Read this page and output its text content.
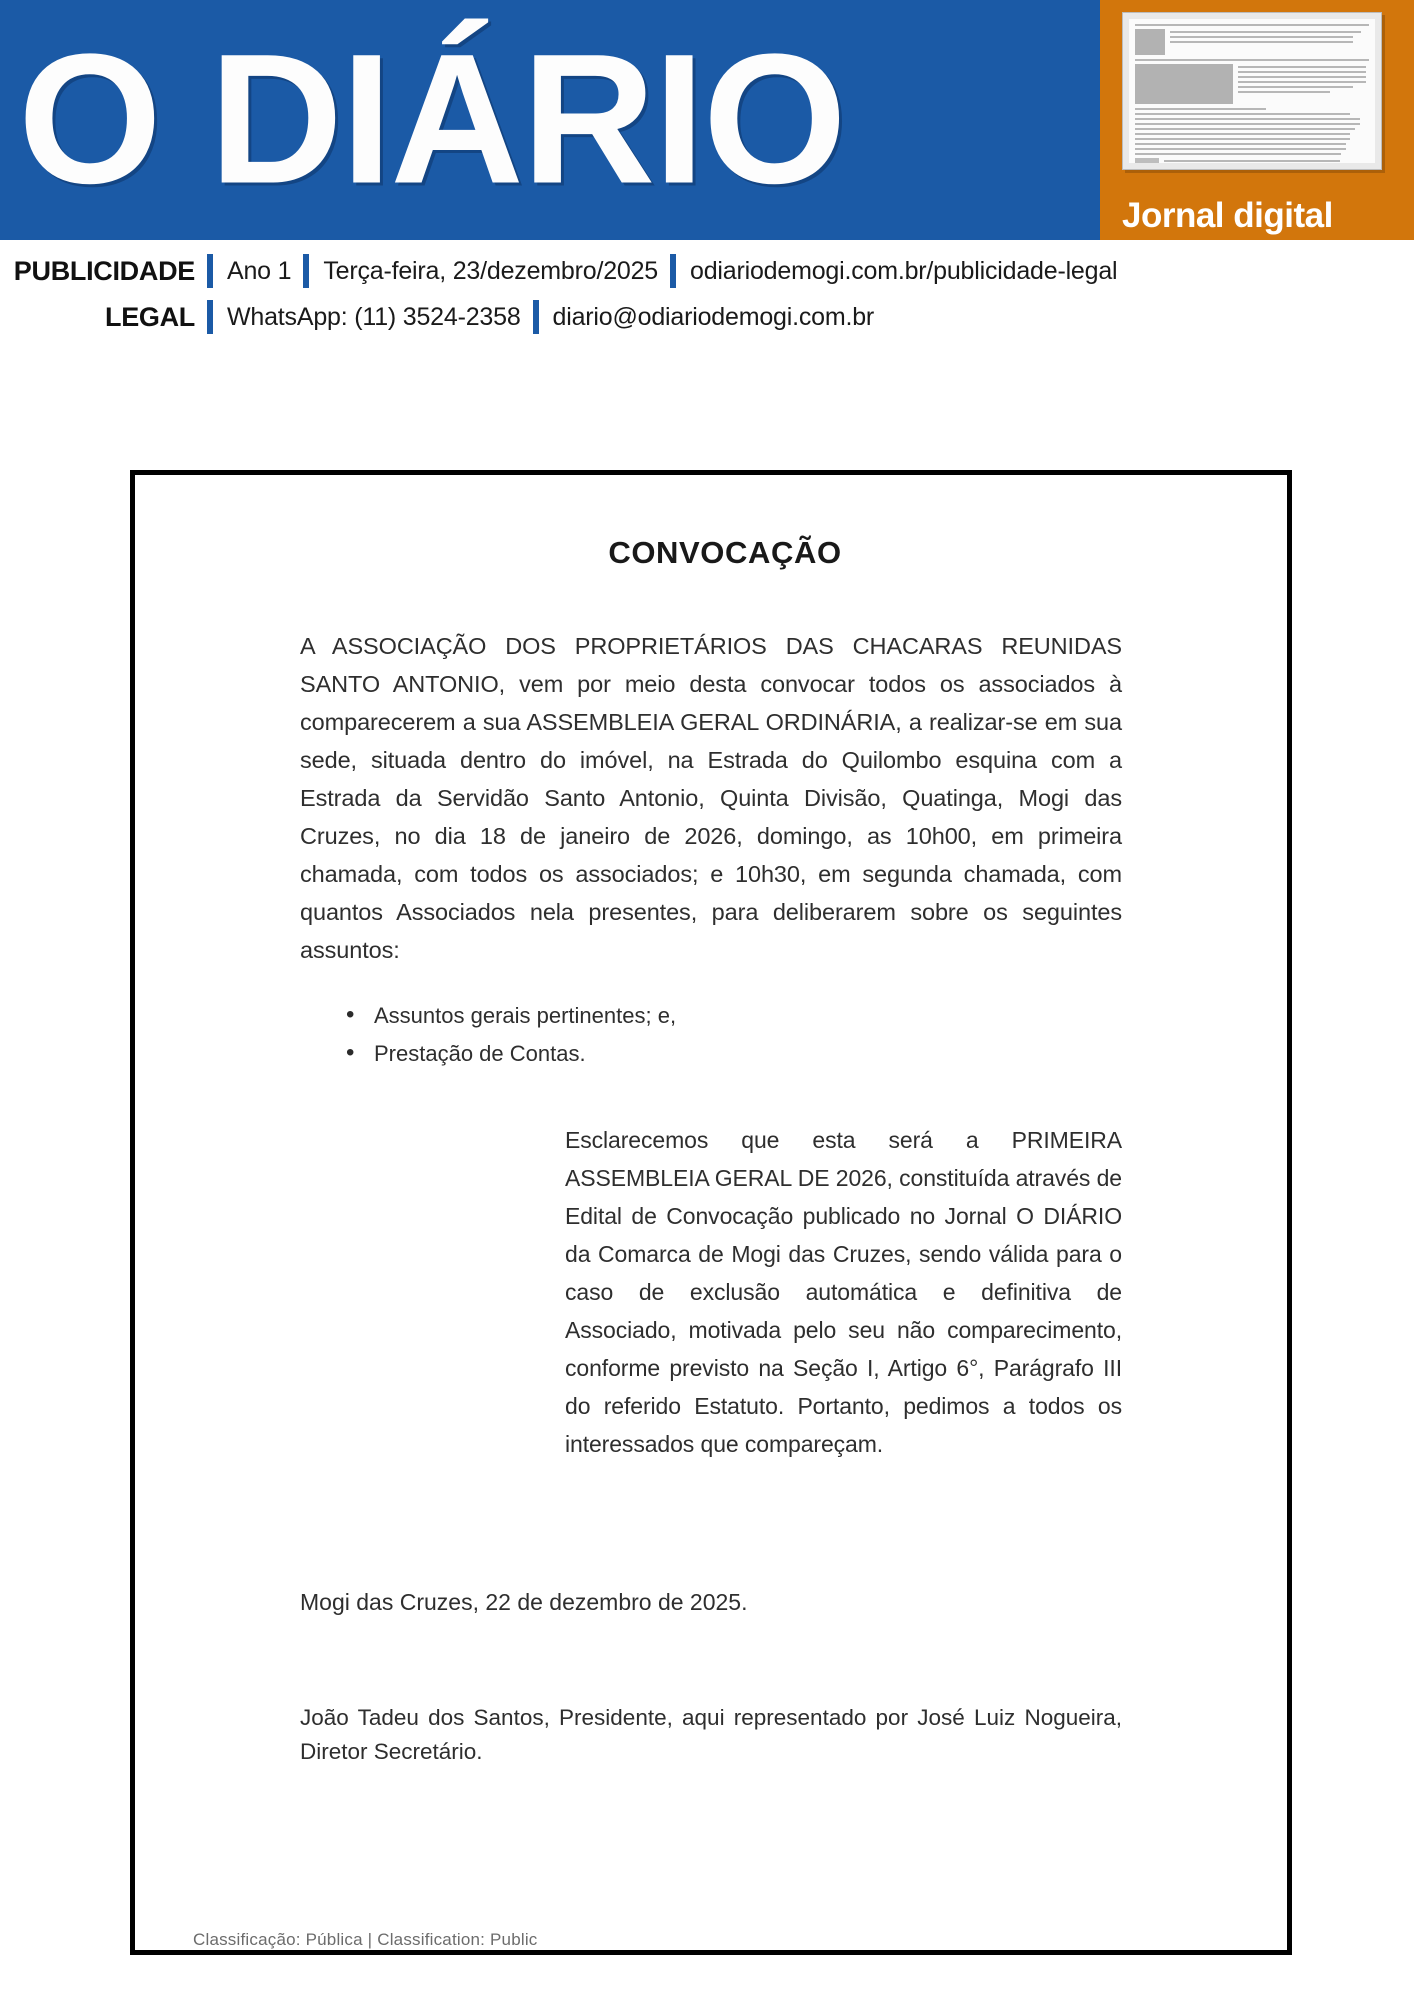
O DIÁRIO	Jornal digital
PUBLICIDADE
LEGAL
Ano 1 Terça-feira, 23/dezembro/2025 odiariodemogi.com.br/publicidade-legal
WhatsApp: (11) 3524-2358 diario@odiariodemogi.com.br
CONVOCAÇÃO

A ASSOCIAÇÃO DOS PROPRIETÁRIOS DAS CHACARAS REUNIDAS SANTO ANTONIO, vem por meio desta convocar todos os associados à comparecerem a sua ASSEMBLEIA GERAL ORDINÁRIA, a realizar-se em sua sede, situada dentro do imóvel, na Estrada do Quilombo esquina com a Estrada da Servidão Santo Antonio, Quinta Divisão, Quatinga, Mogi das Cruzes, no dia 18 de janeiro de 2026, domingo, as 10h00, em primeira chamada, com todos os associados; e 10h30, em segunda chamada, com quantos Associados nela presentes, para deliberarem sobre os seguintes assuntos:

• Assuntos gerais pertinentes; e,
• Prestação de Contas.

Esclarecemos que esta será a PRIMEIRA ASSEMBLEIA GERAL DE 2026, constituída através de Edital de Convocação publicado no Jornal O DIÁRIO da Comarca de Mogi das Cruzes, sendo válida para o caso de exclusão automática e definitiva de Associado, motivada pelo seu não comparecimento, conforme previsto na Seção I, Artigo 6°, Parágrafo III do referido Estatuto. Portanto, pedimos a todos os interessados que compareçam.

Mogi das Cruzes, 22 de dezembro de 2025.
João Tadeu dos Santos, Presidente, aqui representado por José Luiz Nogueira, Diretor Secretário.
Classificação: Pública | Classification: Public
